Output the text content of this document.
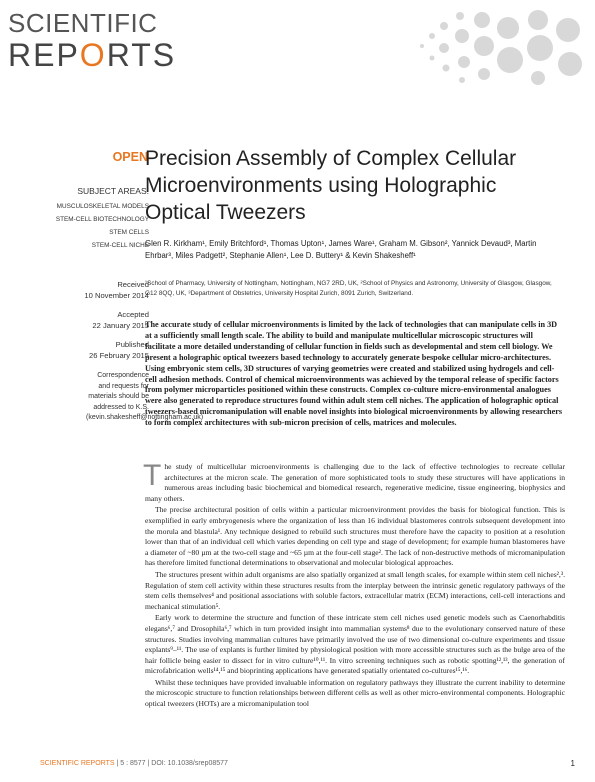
SCIENTIFIC
REPORTS
OPEN
SUBJECT AREAS:
MUSCULOSKELETAL MODELS
STEM-CELL BIOTECHNOLOGY
STEM CELLS
STEM-CELL NICHE
Received
10 November 2014
Accepted
22 January 2015
Published
26 February 2015
Correspondence and requests for materials should be addressed to K.S. (kevin.shakesheff@nottingham.ac.uk)
Precision Assembly of Complex Cellular Microenvironments using Holographic Optical Tweezers
Glen R. Kirkham¹, Emily Britchford¹, Thomas Upton¹, James Ware¹, Graham M. Gibson², Yannick Devaud³, Martin Ehrbar³, Miles Padgett², Stephanie Allen¹, Lee D. Buttery¹ & Kevin Shakesheff¹
¹School of Pharmacy, University of Nottingham, Nottingham, NG7 2RD, UK, ²School of Physics and Astronomy, University of Glasgow, Glasgow, G12 8QQ, UK, ³Department of Obstetrics, University Hospital Zurich, 8091 Zurich, Switzerland.
The accurate study of cellular microenvironments is limited by the lack of technologies that can manipulate cells in 3D at a sufficiently small length scale. The ability to build and manipulate multicellular microscopic structures will facilitate a more detailed understanding of cellular function in fields such as developmental and stem cell biology. We present a holographic optical tweezers based technology to accurately generate bespoke cellular micro-architectures. Using embryonic stem cells, 3D structures of varying geometries were created and stabilized using hydrogels and cell-cell adhesion methods. Control of chemical microenvironments was achieved by the temporal release of specific factors from polymer microparticles positioned within these constructs. Complex co-culture micro-environmental analogues were also generated to reproduce structures found within adult stem cell niches. The application of holographic optical tweezers-based micromanipulation will enable novel insights into biological microenvironments by allowing researchers to form complex architectures with sub-micron precision of cells, matrices and molecules.

The study of multicellular microenvironments is challenging due to the lack of effective technologies to recreate cellular architectures at the micron scale. The generation of more sophisticated tools to study these structures will have applications in numerous areas including basic biochemical and biomedical research, regenerative medicine, tissue engineering, biophysics and many others.

The precise architectural position of cells within a particular microenvironment provides the basis for biological function. This is exemplified in early embryogenesis where the organization of less than 16 individual blastomeres controls subsequent development into the morula and blastula¹. Any technique designed to rebuild such structures must therefore have the capacity to position at a resolution lower than that of an individual cell which varies depending on cell type and stage of development; for example human blastomeres have a diameter of ~80 µm at the two-cell stage and ~65 µm at the four-cell stage². The lack of non-destructive methods of micromanipulation has therefore limited functional determinations to observational and molecular biological approaches.

The structures present within adult organisms are also spatially organized at small length scales, for example within stem cell niches²,³. Regulation of stem cell activity within these structures results from the interplay between the intrinsic genetic regulatory pathways of the stem cells themselves⁴ and positional associations with soluble factors, extracellular matrix (ECM) interactions, cell-cell interactions and mechanical stimulation⁵.

Early work to determine the structure and function of these intricate stem cell niches used genetic models such as Caenorhabditis elegans⁶,⁷ and Drosophila⁶,⁷ which in turn provided insight into mammalian systems⁸ due to the evolutionary conserved nature of these structures. Studies involving mammalian cultures have primarily involved the use of two dimensional co-culture experiments and tissue explants⁹–¹¹. The use of explants is further limited by physiological position with more accessible structures such as the bulge area of the hair follicle being easier to dissect for in vitro culture¹⁰,¹¹. In vitro screening techniques such as robotic spotting¹²,¹³, the generation of microfabrication wells¹⁴,¹⁵ and bioprinting applications have generated spatially orientated co-cultures¹⁵,¹⁶.

Whilst these techniques have provided invaluable information on regulatory pathways they illustrate the current inability to determine the microscopic structure to function relationships between different cells as well as other micro-environmental components. Holographic optical tweezers (HOTs) are a micromanipulation tool

SCIENTIFIC REPORTS | 5 : 8577 | DOI: 10.1038/srep08577	1
